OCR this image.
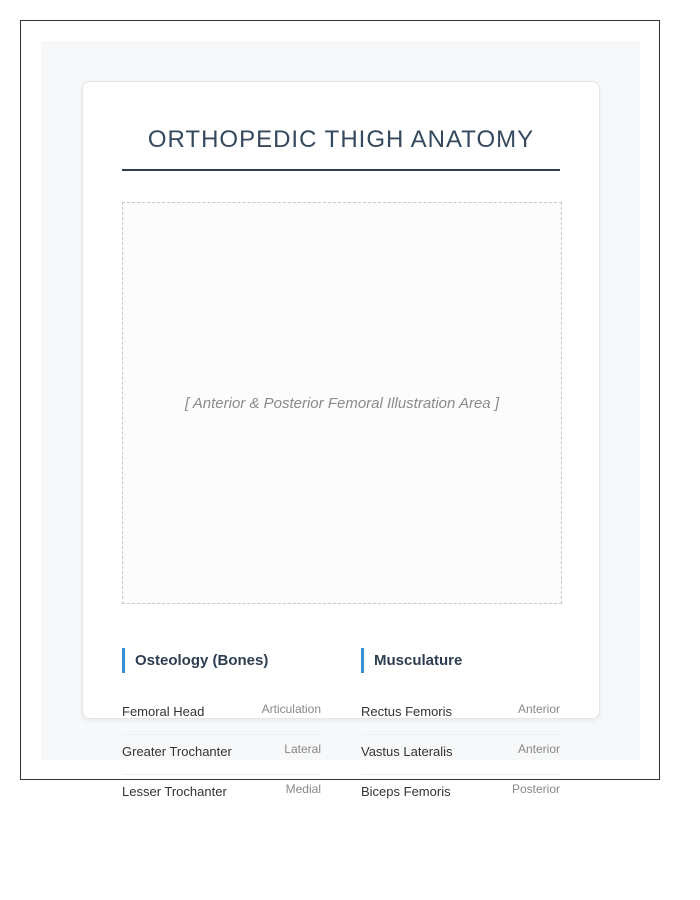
ORTHOPEDIC THIGH ANATOMY
[ Anterior & Posterior Femoral Illustration Area ]
Osteology (Bones)
Femoral Head	Articulation
Greater Trochanter	Lateral
Lesser Trochanter	Medial
Musculature
Rectus Femoris	Anterior
Vastus Lateralis	Anterior
Biceps Femoris	Posterior
